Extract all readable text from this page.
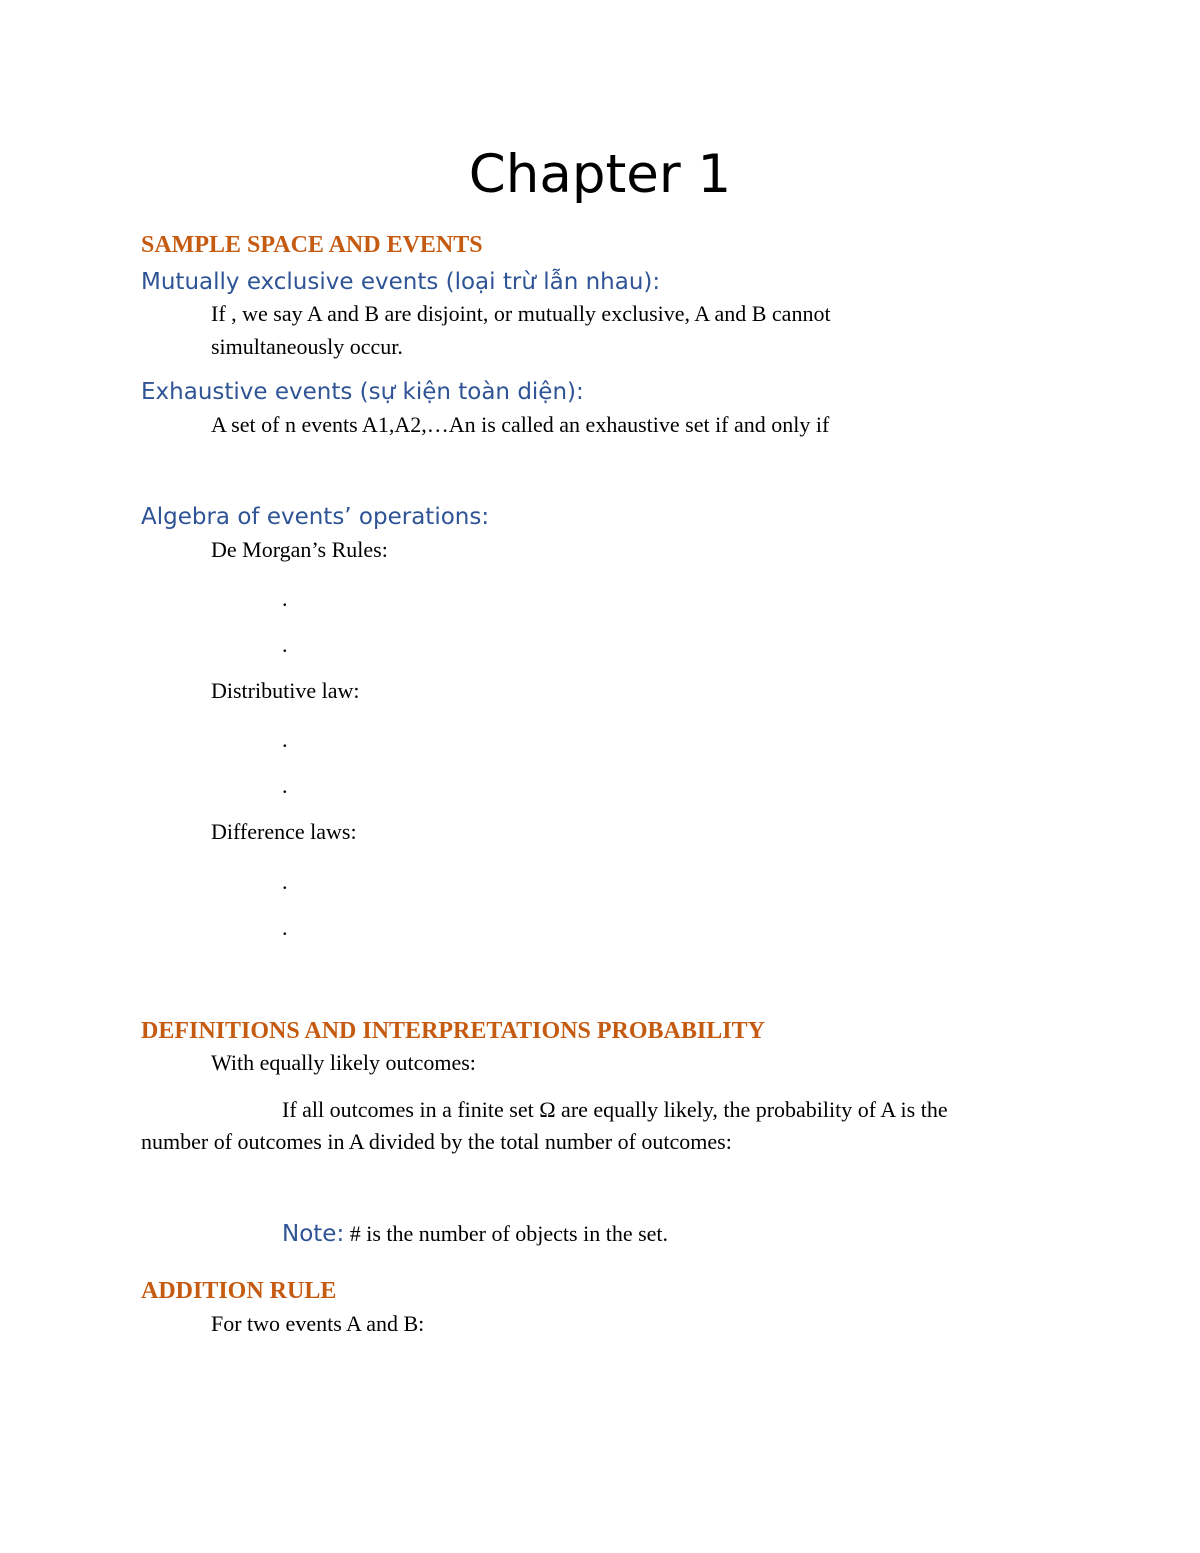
Chapter 1
SAMPLE SPACE AND EVENTS
Mutually exclusive events (loại trừ lẫn nhau):
If , we say A and B are disjoint, or mutually exclusive, A and B cannot
simultaneously occur.
Exhaustive events (sự kiện toàn diện):
A set of n events A1,A2,…An is called an exhaustive set if and only if
Algebra of events’ operations:
De Morgan’s Rules:
.
.
Distributive law:
.
.
Difference laws:
.
.
DEFINITIONS AND INTERPRETATIONS PROBABILITY
With equally likely outcomes:
If all outcomes in a finite set Ω are equally likely, the probability of A is the
number of outcomes in A divided by the total number of outcomes:
Note: # is the number of objects in the set.
ADDITION RULE
For two events A and B:
